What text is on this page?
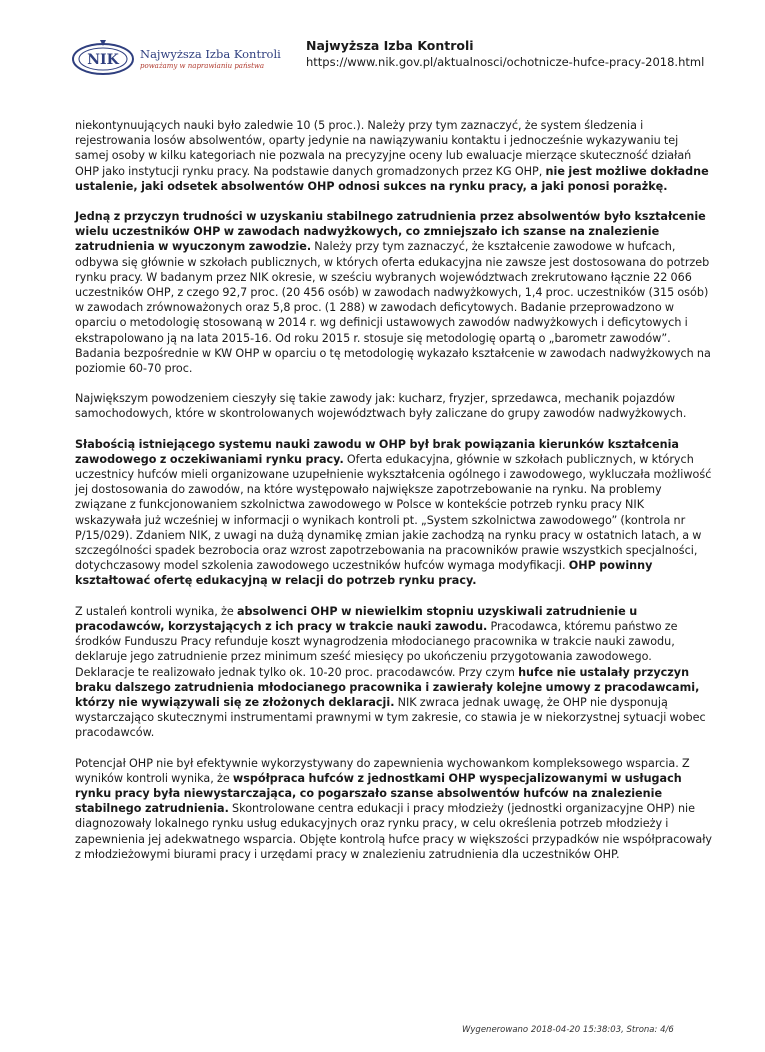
NIK Najwyższa Izba Kontroli
poważamy w naprawianiu państwa
Najwyższa Izba Kontroli
https://www.nik.gov.pl/aktualnosci/ochotnicze-hufce-pracy-2018.html

niekontynuujących nauki było zaledwie 10 (5 proc.). Należy przy tym zaznaczyć, że system śledzenia i rejestrowania losów absolwentów, oparty jedynie na nawiązywaniu kontaktu i jednocześnie wykazywaniu tej samej osoby w kilku kategoriach nie pozwala na precyzyjne oceny lub ewaluacje mierzące skuteczność działań OHP jako instytucji rynku pracy. Na podstawie danych gromadzonych przez KG OHP, nie jest możliwe dokładne ustalenie, jaki odsetek absolwentów OHP odnosi sukces na rynku pracy, a jaki ponosi porażkę.

Jedną z przyczyn trudności w uzyskaniu stabilnego zatrudnienia przez absolwentów było kształcenie wielu uczestników OHP w zawodach nadwyżkowych, co zmniejszało ich szanse na znalezienie zatrudnienia w wyuczonym zawodzie. Należy przy tym zaznaczyć, że kształcenie zawodowe w hufcach, odbywa się głównie w szkołach publicznych, w których oferta edukacyjna nie zawsze jest dostosowana do potrzeb rynku pracy. W badanym przez NIK okresie, w sześciu wybranych województwach zrekrutowano łącznie 22 066 uczestników OHP, z czego 92,7 proc. (20 456 osób) w zawodach nadwyżkowych, 1,4 proc. uczestników (315 osób) w zawodach zrównoważonych oraz 5,8 proc. (1 288) w zawodach deficytowych. Badanie przeprowadzono w oparciu o metodologię stosowaną w 2014 r. wg definicji ustawowych zawodów nadwyżkowych i deficytowych i ekstrapolowano ją na lata 2015-16. Od roku 2015 r. stosuje się metodologię opartą o „barometr zawodów”. Badania bezpośrednie w KW OHP w oparciu o tę metodologię wykazało kształcenie w zawodach nadwyżkowych na poziomie 60-70 proc.

Największym powodzeniem cieszyły się takie zawody jak: kucharz, fryzjer, sprzedawca, mechanik pojazdów samochodowych, które w skontrolowanych województwach były zaliczane do grupy zawodów nadwyżkowych.

Słabością istniejącego systemu nauki zawodu w OHP był brak powiązania kierunków kształcenia zawodowego z oczekiwaniami rynku pracy. Oferta edukacyjna, głównie w szkołach publicznych, w których uczestnicy hufców mieli organizowane uzupełnienie wykształcenia ogólnego i zawodowego, wykluczała możliwość jej dostosowania do zawodów, na które występowało największe zapotrzebowanie na rynku. Na problemy związane z funkcjonowaniem szkolnictwa zawodowego w Polsce w kontekście potrzeb rynku pracy NIK wskazywała już wcześniej w informacji o wynikach kontroli pt. „System szkolnictwa zawodowego” (kontrola nr P/15/029). Zdaniem NIK, z uwagi na dużą dynamikę zmian jakie zachodzą na rynku pracy w ostatnich latach, a w szczególności spadek bezrobocia oraz wzrost zapotrzebowania na pracowników prawie wszystkich specjalności, dotychczasowy model szkolenia zawodowego uczestników hufców wymaga modyfikacji. OHP powinny kształtować ofertę edukacyjną w relacji do potrzeb rynku pracy.

Z ustaleń kontroli wynika, że absolwenci OHP w niewielkim stopniu uzyskiwali zatrudnienie u pracodawców, korzystających z ich pracy w trakcie nauki zawodu. Pracodawca, któremu państwo ze środków Funduszu Pracy refunduje koszt wynagrodzenia młodocianego pracownika w trakcie nauki zawodu, deklaruje jego zatrudnienie przez minimum sześć miesięcy po ukończeniu przygotowania zawodowego. Deklaracje te realizowało jednak tylko ok. 10-20 proc. pracodawców. Przy czym hufce nie ustalały przyczyn braku dalszego zatrudnienia młodocianego pracownika i zawierały kolejne umowy z pracodawcami, którzy nie wywiązywali się ze złożonych deklaracji. NIK zwraca jednak uwagę, że OHP nie dysponują wystarczająco skutecznymi instrumentami prawnymi w tym zakresie, co stawia je w niekorzystnej sytuacji wobec pracodawców.

Potencjał OHP nie był efektywnie wykorzystywany do zapewnienia wychowankom kompleksowego wsparcia. Z wyników kontroli wynika, że współpraca hufców z jednostkami OHP wyspecjalizowanymi w usługach rynku pracy była niewystarczająca, co pogarszało szanse absolwentów hufców na znalezienie stabilnego zatrudnienia. Skontrolowane centra edukacji i pracy młodzieży (jednostki organizacyjne OHP) nie diagnozowały lokalnego rynku usług edukacyjnych oraz rynku pracy, w celu określenia potrzeb młodzieży i zapewnienia jej adekwatnego wsparcia. Objęte kontrolą hufce pracy w większości przypadków nie współpracowały z młodzieżowymi biurami pracy i urzędami pracy w znalezieniu zatrudnienia dla uczestników OHP.

Wygenerowano 2018-04-20 15:38:03, Strona: 4/6
